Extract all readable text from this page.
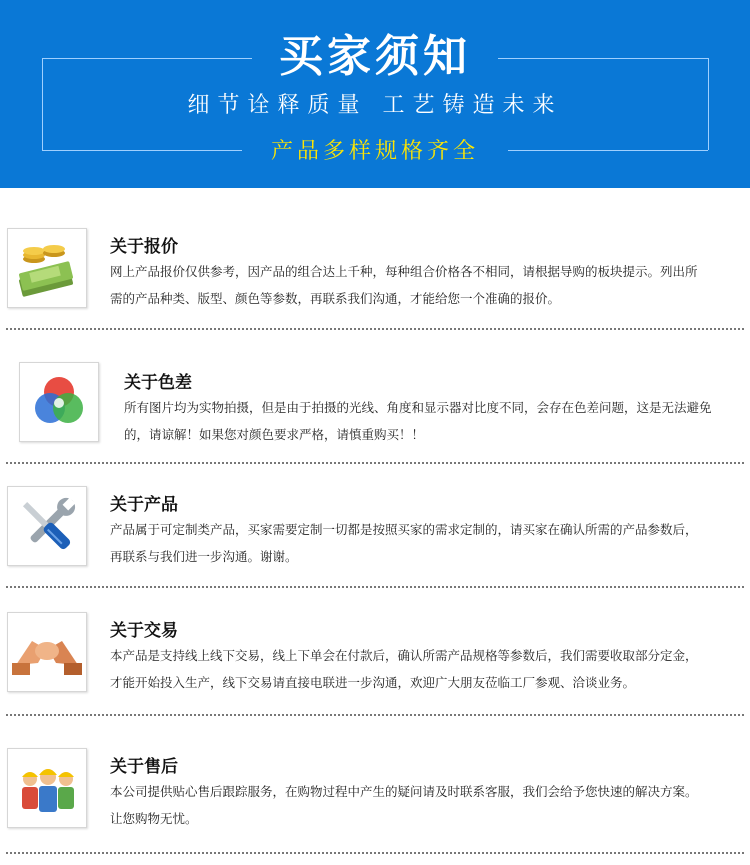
买家须知
细节诠释质量 工艺铸造未来
产品多样规格齐全
关于报价
网上产品报价仅供参考，因产品的组合达上千种，每种组合价格各不相同，请根据导购的板块提示。列出所
需的产品种类、版型、颜色等参数，再联系我们沟通，才能给您一个准确的报价。
关于色差
所有图片均为实物拍摄，但是由于拍摄的光线、角度和显示器对比度不同，会存在色差问题，这是无法避免
的，请谅解！如果您对颜色要求严格，请慎重购买！！
关于产品
产品属于可定制类产品，买家需要定制一切都是按照买家的需求定制的，请买家在确认所需的产品参数后，
再联系与我们进一步沟通。谢谢。
关于交易
本产品是支持线上线下交易，线上下单会在付款后，确认所需产品规格等参数后，我们需要收取部分定金，
才能开始投入生产，线下交易请直接电联进一步沟通，欢迎广大朋友莅临工厂参观、洽谈业务。
关于售后
本公司提供贴心售后跟踪服务，在购物过程中产生的疑问请及时联系客服，我们会给予您快速的解决方案。
让您购物无忧。
